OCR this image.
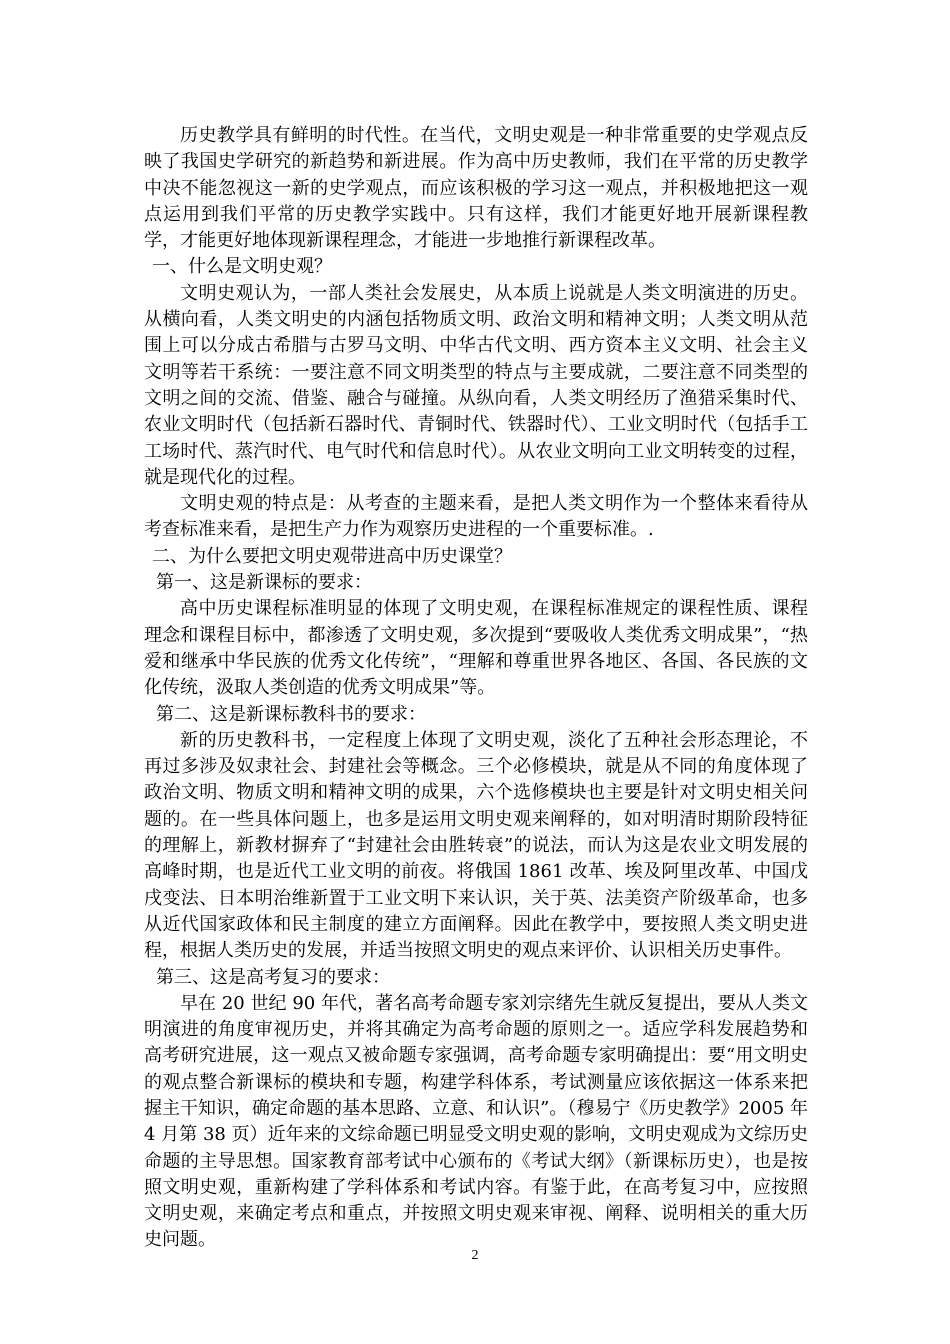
历史教学具有鲜明的时代性。在当代，文明史观是一种非常重要的史学观点反映了我国史学研究的新趋势和新进展。作为高中历史教师，我们在平常的历史教学中决不能忽视这一新的史学观点，而应该积极的学习这一观点，并积极地把这一观点运用到我们平常的历史教学实践中。只有这样，我们才能更好地开展新课程教学，才能更好地体现新课程理念，才能进一步地推行新课程改革。

一、什么是文明史观？

文明史观认为，一部人类社会发展史，从本质上说就是人类文明演进的历史。从横向看，人类文明史的内涵包括物质文明、政治文明和精神文明；人类文明从范围上可以分成古希腊与古罗马文明、中华古代文明、西方资本主义文明、社会主义文明等若干系统：一要注意不同文明类型的特点与主要成就，二要注意不同类型的文明之间的交流、借鉴、融合与碰撞。从纵向看，人类文明经历了渔猎采集时代、农业文明时代（包括新石器时代、青铜时代、铁器时代）、工业文明时代（包括手工工场时代、蒸汽时代、电气时代和信息时代）。从农业文明向工业文明转变的过程，就是现代化的过程。

文明史观的特点是：从考查的主题来看，是把人类文明作为一个整体来看待从考查标准来看，是把生产力作为观察历史进程的一个重要标准。.

二、为什么要把文明史观带进高中历史课堂？

第一、这是新课标的要求：

高中历史课程标准明显的体现了文明史观，在课程标准规定的课程性质、课程理念和课程目标中，都渗透了文明史观，多次提到“要吸收人类优秀文明成果”，“热爱和继承中华民族的优秀文化传统”，“理解和尊重世界各地区、各国、各民族的文化传统，汲取人类创造的优秀文明成果”等。

第二、这是新课标教科书的要求：

新的历史教科书，一定程度上体现了文明史观，淡化了五种社会形态理论，不再过多涉及奴隶社会、封建社会等概念。三个必修模块，就是从不同的角度体现了政治文明、物质文明和精神文明的成果，六个选修模块也主要是针对文明史相关问题的。在一些具体问题上，也多是运用文明史观来阐释的，如对明清时期阶段特征的理解上，新教材摒弃了“封建社会由胜转衰”的说法，而认为这是农业文明发展的高峰时期，也是近代工业文明的前夜。将俄国 1861 改革、埃及阿里改革、中国戊戌变法、日本明治维新置于工业文明下来认识，关于英、法美资产阶级革命，也多从近代国家政体和民主制度的建立方面阐释。因此在教学中，要按照人类文明史进程，根据人类历史的发展，并适当按照文明史的观点来评价、认识相关历史事件。

第三、这是高考复习的要求：

早在 20 世纪 90 年代，著名高考命题专家刘宗绪先生就反复提出，要从人类文明演进的角度审视历史，并将其确定为高考命题的原则之一。适应学科发展趋势和高考研究进展，这一观点又被命题专家强调，高考命题专家明确提出：要“用文明史的观点整合新课标的模块和专题，构建学科体系，考试测量应该依据这一体系来把握主干知识，确定命题的基本思路、立意、和认识”。（穆易宁《历史教学》2005 年 4 月第 38 页）近年来的文综命题已明显受文明史观的影响，文明史观成为文综历史命题的主导思想。国家教育部考试中心颁布的《考试大纲》（新课标历史），也是按照文明史观，重新构建了学科体系和考试内容。有鉴于此，在高考复习中，应按照文明史观，来确定考点和重点，并按照文明史观来审视、阐释、说明相关的重大历史问题。

2
